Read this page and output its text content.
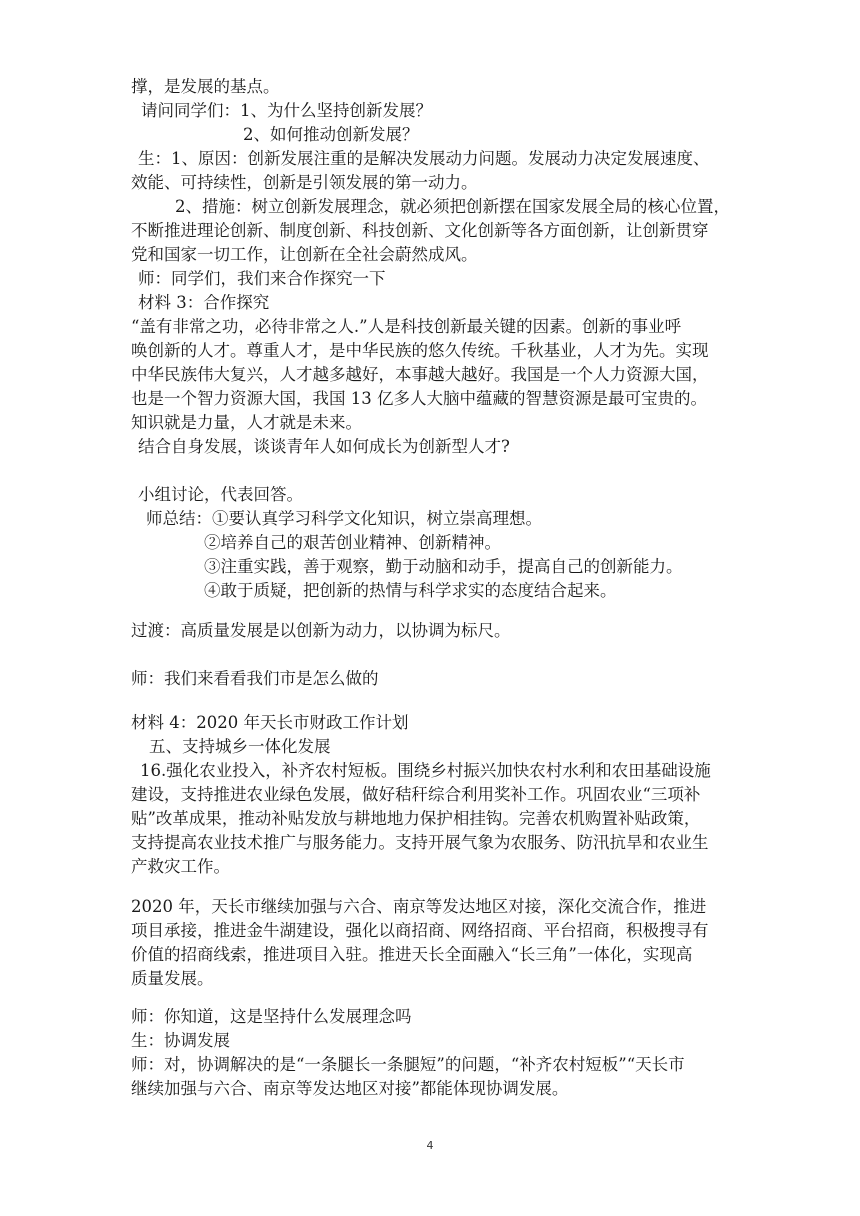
撑，是发展的基点。
请问同学们：1、为什么坚持创新发展？
2、如何推动创新发展？
生：1、原因：创新发展注重的是解决发展动力问题。发展动力决定发展速度、
效能、可持续性，创新是引领发展的第一动力。
2、措施：树立创新发展理念，就必须把创新摆在国家发展全局的核心位置，
不断推进理论创新、制度创新、科技创新、文化创新等各方面创新，让创新贯穿
党和国家一切工作，让创新在全社会蔚然成风。
师：同学们，我们来合作探究一下
材料 3：合作探究
“盖有非常之功，必待非常之人.”人是科技创新最关键的因素。创新的事业呼
唤创新的人才。尊重人才，是中华民族的悠久传统。千秋基业，人才为先。实现
中华民族伟大复兴，人才越多越好，本事越大越好。我国是一个人力资源大国，
也是一个智力资源大国，我国 13 亿多人大脑中蕴藏的智慧资源是最可宝贵的。
知识就是力量，人才就是未来。
结合自身发展，谈谈青年人如何成长为创新型人才?
小组讨论，代表回答。
师总结：①要认真学习科学文化知识，树立崇高理想。
②培养自己的艰苦创业精神、创新精神。
③注重实践，善于观察，勤于动脑和动手，提高自己的创新能力。
④敢于质疑，把创新的热情与科学求实的态度结合起来。
过渡：高质量发展是以创新为动力，以协调为标尺。
师：我们来看看我们市是怎么做的
材料 4：2020 年天长市财政工作计划
五、支持城乡一体化发展
16.强化农业投入，补齐农村短板。围绕乡村振兴加快农村水利和农田基础设施
建设，支持推进农业绿色发展，做好秸秆综合利用奖补工作。巩固农业“三项补
贴”改革成果，推动补贴发放与耕地地力保护相挂钩。完善农机购置补贴政策，
支持提高农业技术推广与服务能力。支持开展气象为农服务、防汛抗旱和农业生
产救灾工作。
2020 年，天长市继续加强与六合、南京等发达地区对接，深化交流合作，推进
项目承接，推进金牛湖建设，强化以商招商、网络招商、平台招商，积极搜寻有
价值的招商线索，推进项目入驻。推进天长全面融入“长三角”一体化，实现高
质量发展。
师：你知道，这是坚持什么发展理念吗
生：协调发展
师：对，协调解决的是“一条腿长一条腿短”的问题，“补齐农村短板”“天长市
继续加强与六合、南京等发达地区对接”都能体现协调发展。
4
